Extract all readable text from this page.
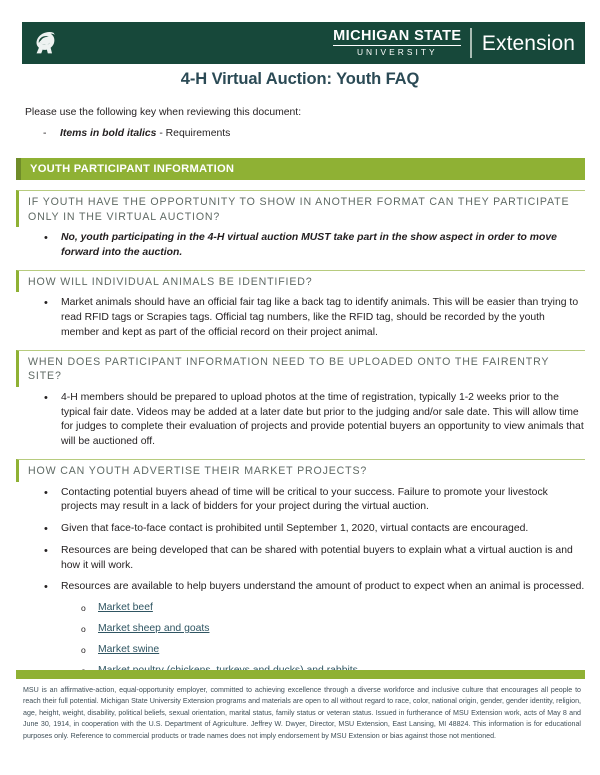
MICHIGAN STATE
UNIVERSITY	Extension
4-H Virtual Auction: Youth FAQ
Please use the following key when reviewing this document:
-	Items in bold italics - Requirements
YOUTH PARTICIPANT INFORMATION
IF YOUTH HAVE THE OPPORTUNITY TO SHOW IN ANOTHER FORMAT CAN THEY PARTICIPATE ONLY IN THE VIRTUAL AUCTION?
• No, youth participating in the 4-H virtual auction MUST take part in the show aspect in order to move forward into the auction.
HOW WILL INDIVIDUAL ANIMALS BE IDENTIFIED?
• Market animals should have an official fair tag like a back tag to identify animals. This will be easier than trying to read RFID tags or Scrapies tags. Official tag numbers, like the RFID tag, should be recorded by the youth member and kept as part of the official record on their project animal.
WHEN DOES PARTICIPANT INFORMATION NEED TO BE UPLOADED ONTO THE FAIRENTRY SITE?
• 4-H members should be prepared to upload photos at the time of registration, typically 1-2 weeks prior to the typical fair date. Videos may be added at a later date but prior to the judging and/or sale date. This will allow time for judges to complete their evaluation of projects and provide potential buyers an opportunity to view animals that will be auctioned off.
HOW CAN YOUTH ADVERTISE THEIR MARKET PROJECTS?
• Contacting potential buyers ahead of time will be critical to your success. Failure to promote your livestock projects may result in a lack of bidders for your project during the virtual auction.
• Given that face-to-face contact is prohibited until September 1, 2020, virtual contacts are encouraged.
• Resources are being developed that can be shared with potential buyers to explain what a virtual auction is and how it will work.
• Resources are available to help buyers understand the amount of product to expect when an animal is processed.
o Market beef
o Market sheep and goats
o Market swine
MSU is an affirmative-action, equal-opportunity employer, committed to achieving excellence through a diverse workforce and inclusive culture that encourages all people to reach their full potential. Michigan State University Extension programs and materials are open to all without regard to race, color, national origin, gender, gender identity, religion, age, height, weight, disability, political beliefs, sexual orientation, marital status, family status or veteran status. Issued in furtherance of MSU Extension work, acts of May 8 and June 30, 1914, in cooperation with the U.S. Department of Agriculture. Jeffrey W. Dwyer, Director, MSU Extension, East Lansing, MI 48824. This information is for educational purposes only. Reference to commercial products or trade names does not imply endorsement by MSU Extension or bias against those not mentioned.
